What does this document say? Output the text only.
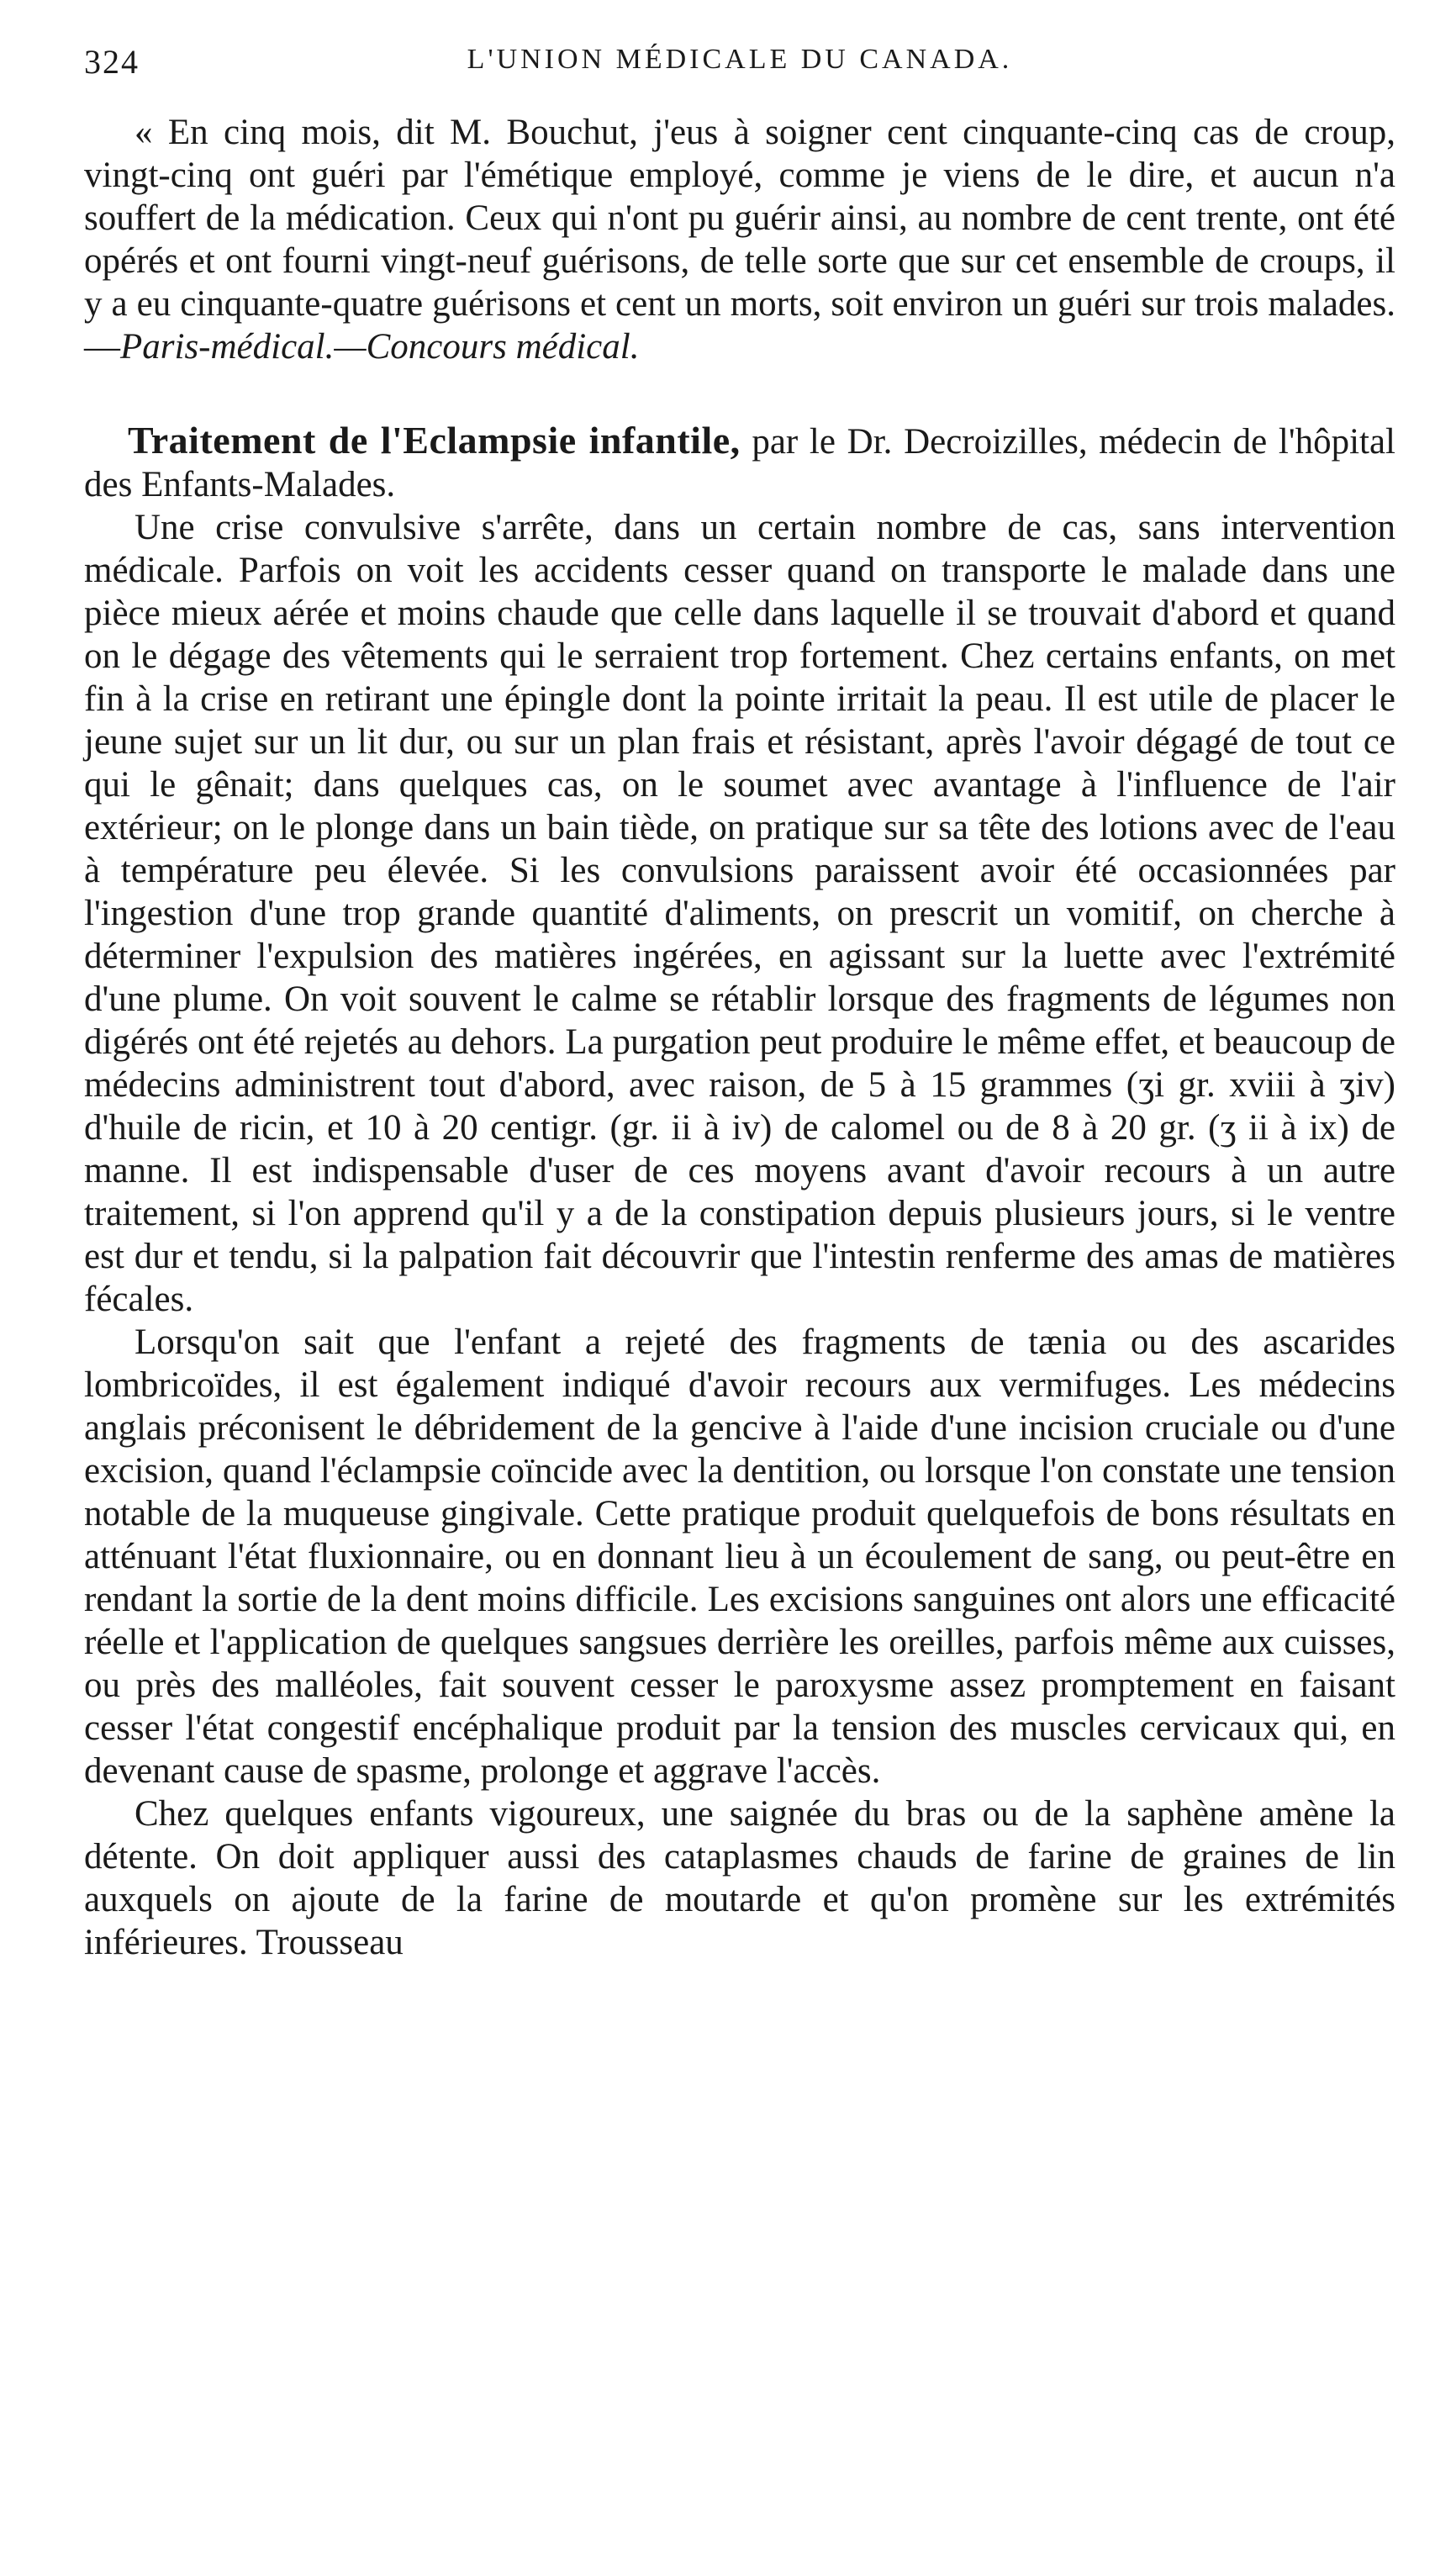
324	L'UNION MÉDICALE DU CANADA.

« En cinq mois, dit M. Bouchut, j'eus à soigner cent cinquante-cinq cas de croup, vingt-cinq ont guéri par l'émétique employé, comme je viens de le dire, et aucun n'a souffert de la médication. Ceux qui n'ont pu guérir ainsi, au nombre de cent trente, ont été opérés et ont fourni vingt-neuf guérisons, de telle sorte que sur cet ensemble de croups, il y a eu cinquante-quatre guérisons et cent un morts, soit environ un guéri sur trois malades.—Paris-médical.—Concours médical.

Traitement de l'Eclampsie infantile, par le Dr. Decroizilles, médecin de l'hôpital des Enfants-Malades.

Une crise convulsive s'arrête, dans un certain nombre de cas, sans intervention médicale. Parfois on voit les accidents cesser quand on transporte le malade dans une pièce mieux aérée et moins chaude que celle dans laquelle il se trouvait d'abord et quand on le dégage des vêtements qui le serraient trop fortement. Chez certains enfants, on met fin à la crise en retirant une épingle dont la pointe irritait la peau. Il est utile de placer le jeune sujet sur un lit dur, ou sur un plan frais et résistant, après l'avoir dégagé de tout ce qui le gênait; dans quelques cas, on le soumet avec avantage à l'influence de l'air extérieur; on le plonge dans un bain tiède, on pratique sur sa tête des lotions avec de l'eau à température peu élevée. Si les convulsions paraissent avoir été occasionnées par l'ingestion d'une trop grande quantité d'aliments, on prescrit un vomitif, on cherche à déterminer l'expulsion des matières ingérées, en agissant sur la luette avec l'extrémité d'une plume. On voit souvent le calme se rétablir lorsque des fragments de légumes non digérés ont été rejetés au dehors. La purgation peut produire le même effet, et beaucoup de médecins administrent tout d'abord, avec raison, de 5 à 15 grammes (ʒi gr. xviii à ʒiv) d'huile de ricin, et 10 à 20 centigr. (gr. ii à iv) de calomel ou de 8 à 20 gr. (ʒ ii à ix) de manne. Il est indispensable d'user de ces moyens avant d'avoir recours à un autre traitement, si l'on apprend qu'il y a de la constipation depuis plusieurs jours, si le ventre est dur et tendu, si la palpation fait découvrir que l'intestin renferme des amas de matières fécales.

Lorsqu'on sait que l'enfant a rejeté des fragments de tænia ou des ascarides lombricoïdes, il est également indiqué d'avoir recours aux vermifuges. Les médecins anglais préconisent le débridement de la gencive à l'aide d'une incision cruciale ou d'une excision, quand l'éclampsie coïncide avec la dentition, ou lorsque l'on constate une tension notable de la muqueuse gingivale. Cette pratique produit quelquefois de bons résultats en atténuant l'état fluxionnaire, ou en donnant lieu à un écoulement de sang, ou peut-être en rendant la sortie de la dent moins difficile. Les excisions sanguines ont alors une efficacité réelle et l'application de quelques sangsues derrière les oreilles, parfois même aux cuisses, ou près des malléoles, fait souvent cesser le paroxysme assez promptement en faisant cesser l'état congestif encéphalique produit par la tension des muscles cervicaux qui, en devenant cause de spasme, prolonge et aggrave l'accès.

Chez quelques enfants vigoureux, une saignée du bras ou de la saphène amène la détente. On doit appliquer aussi des cataplasmes chauds de farine de graines de lin auxquels on ajoute de la farine de moutarde et qu'on promène sur les extrémités inférieures. Trousseau
